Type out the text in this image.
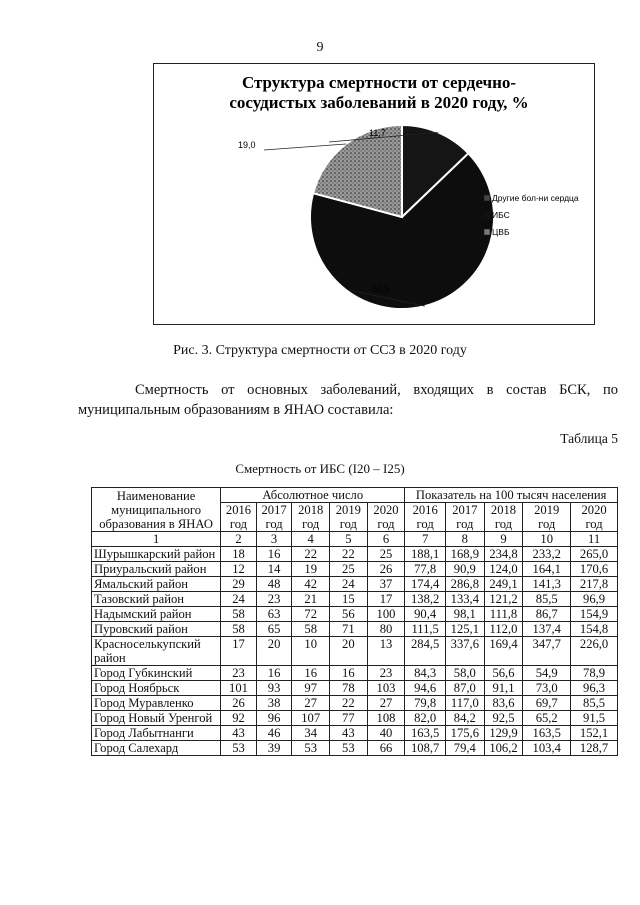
9
Структура смертности от сердечно-
сосудистых заболеваний в 2020 году, %
11,7
60,5
19,0
Другие бол-ни сердца
ИБС
ЦВБ
Рис. 3. Структура смертности от ССЗ в 2020 году
Смертность от основных заболеваний, входящих в состав БСК, по муниципальным образованиям в ЯНАО составила:
Таблица 5
Смертность от ИБС (I20 – I25)
Наименование муниципального образования в ЯНАО	Абсолютное число					Показатель на 100 тысяч населения				
	2016 год	2017 год	2018 год	2019 год	2020 год	2016 год	2017 год	2018 год	2019 год	2020 год
1	2	3	4	5	6	7	8	9	10	11
Шурышкарский район	18	16	22	22	25	188,1	168,9	234,8	233,2	265,0
Приуральский район	12	14	19	25	26	77,8	90,9	124,0	164,1	170,6
Ямальский район	29	48	42	24	37	174,4	286,8	249,1	141,3	217,8
Тазовский район	24	23	21	15	17	138,2	133,4	121,2	85,5	96,9
Надымский район	58	63	72	56	100	90,4	98,1	111,8	86,7	154,9
Пуровский район	58	65	58	71	80	111,5	125,1	112,0	137,4	154,8
Красноселькупский район	17	20	10	20	13	284,5	337,6	169,4	347,7	226,0
Город Губкинский	23	16	16	16	23	84,3	58,0	56,6	54,9	78,9
Город Ноябрьск	101	93	97	78	103	94,6	87,0	91,1	73,0	96,3
Город Муравленко	26	38	27	22	27	79,8	117,0	83,6	69,7	85,5
Город Новый Уренгой	92	96	107	77	108	82,0	84,2	92,5	65,2	91,5
Город Лабытнанги	43	46	34	43	40	163,5	175,6	129,9	163,5	152,1
Город Салехард	53	39	53	53	66	108,7	79,4	106,2	103,4	128,7
